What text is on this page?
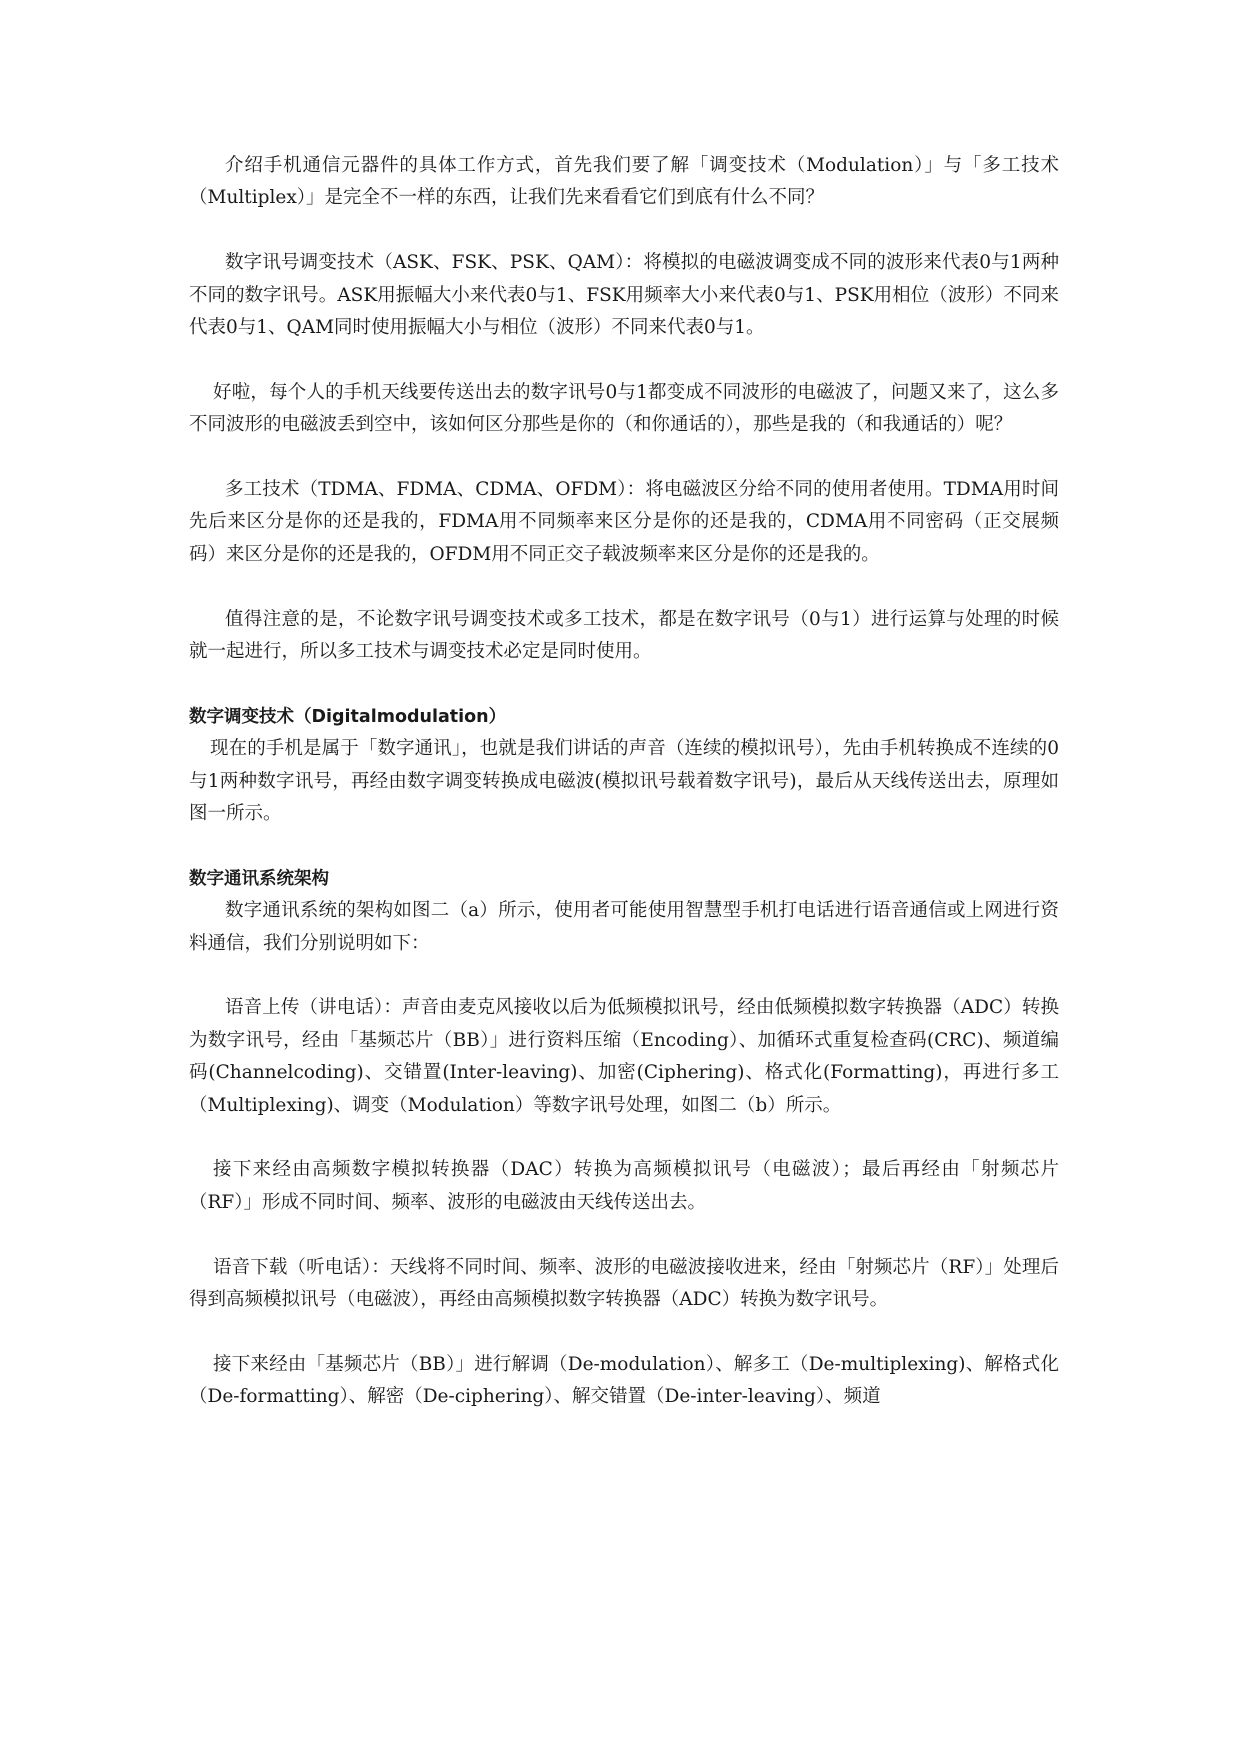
介绍手机通信元器件的具体工作方式，首先我们要了解「调变技术（Modulation）」与「多工技术（Multiplex）」是完全不一样的东西，让我们先来看看它们到底有什么不同？

数字讯号调变技术（ASK、FSK、PSK、QAM）：将模拟的电磁波调变成不同的波形来代表0与1两种不同的数字讯号。ASK用振幅大小来代表0与1、FSK用频率大小来代表0与1、PSK用相位（波形）不同来代表0与1、QAM同时使用振幅大小与相位（波形）不同来代表0与1。

好啦，每个人的手机天线要传送出去的数字讯号0与1都变成不同波形的电磁波了，问题又来了，这么多不同波形的电磁波丢到空中，该如何区分那些是你的（和你通话的），那些是我的（和我通话的）呢？

多工技术（TDMA、FDMA、CDMA、OFDM）：将电磁波区分给不同的使用者使用。TDMA用时间先后来区分是你的还是我的，FDMA用不同频率来区分是你的还是我的，CDMA用不同密码（正交展频码）来区分是你的还是我的，OFDM用不同正交子载波频率来区分是你的还是我的。

值得注意的是，不论数字讯号调变技术或多工技术，都是在数字讯号（0与1）进行运算与处理的时候就一起进行，所以多工技术与调变技术必定是同时使用。

数字调变技术（Digitalmodulation）

现在的手机是属于「数字通讯」，也就是我们讲话的声音（连续的模拟讯号），先由手机转换成不连续的0与1两种数字讯号，再经由数字调变转换成电磁波(模拟讯号载着数字讯号)，最后从天线传送出去，原理如图一所示。

数字通讯系统架构

数字通讯系统的架构如图二（a）所示，使用者可能使用智慧型手机打电话进行语音通信或上网进行资料通信，我们分别说明如下：

语音上传（讲电话）：声音由麦克风接收以后为低频模拟讯号，经由低频模拟数字转换器（ADC）转换为数字讯号，经由「基频芯片（BB）」进行资料压缩（Encoding）、加循环式重复检查码(CRC)、频道编码(Channelcoding)、交错置(Inter-leaving)、加密(Ciphering)、格式化(Formatting)，再进行多工（Multiplexing)、调变（Modulation）等数字讯号处理，如图二（b）所示。

接下来经由高频数字模拟转换器（DAC）转换为高频模拟讯号（电磁波）；最后再经由「射频芯片（RF）」形成不同时间、频率、波形的电磁波由天线传送出去。

语音下载（听电话）：天线将不同时间、频率、波形的电磁波接收进来，经由「射频芯片（RF）」处理后得到高频模拟讯号（电磁波），再经由高频模拟数字转换器（ADC）转换为数字讯号。

接下来经由「基频芯片（BB）」进行解调（De-modulation）、解多工（De-multiplexing)、解格式化（De-formatting）、解密（De-ciphering）、解交错置（De-inter-leaving）、频道
